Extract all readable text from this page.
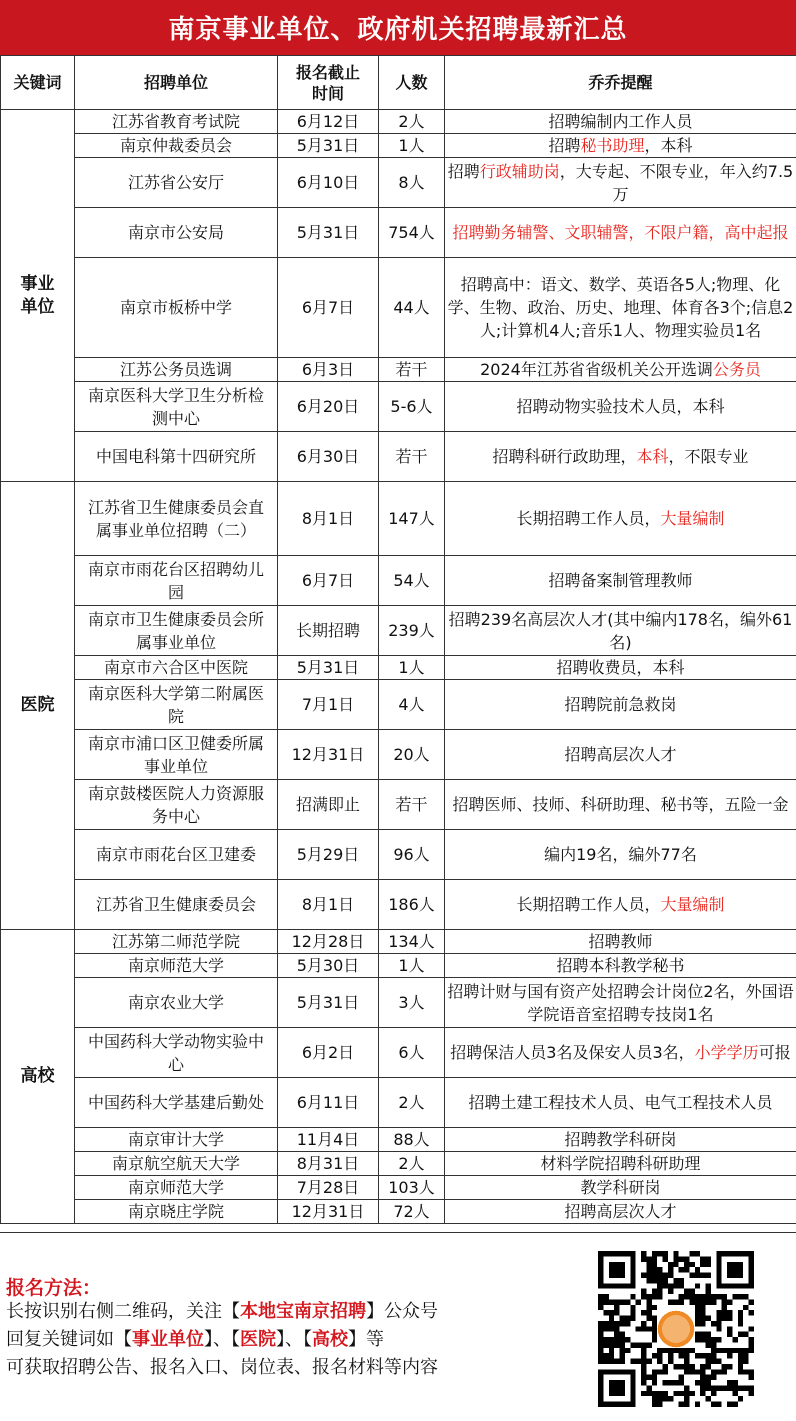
南京事业单位、政府机关招聘最新汇总
关键词	招聘单位	报名截止时间	人数	乔乔提醒
事业单位	江苏省教育考试院	6月12日	2人	招聘编制内工作人员
	南京仲裁委员会	5月31日	1人	招聘秘书助理，本科
	江苏省公安厅	6月10日	8人	招聘行政辅助岗，大专起、不限专业，年入约7.5万
	南京市公安局	5月31日	754人	招聘勤务辅警、文职辅警，不限户籍，高中起报
	南京市板桥中学	6月7日	44人	招聘高中：语文、数学、英语各5人;物理、化学、生物、政治、历史、地理、体育各3个;信息2人;计算机4人;音乐1人、物理实验员1名
	江苏公务员选调	6月3日	若干	2024年江苏省省级机关公开选调公务员
	南京医科大学卫生分析检测中心	6月20日	5-6人	招聘动物实验技术人员，本科
	中国电科第十四研究所	6月30日	若干	招聘科研行政助理，本科，不限专业
医院	江苏省卫生健康委员会直属事业单位招聘（二）	8月1日	147人	长期招聘工作人员，大量编制
	南京市雨花台区招聘幼儿园	6月7日	54人	招聘备案制管理教师
	南京市卫生健康委员会所属事业单位	长期招聘	239人	招聘239名高层次人才(其中编内178名，编外61名)
	南京市六合区中医院	5月31日	1人	招聘收费员，本科
	南京医科大学第二附属医院	7月1日	4人	招聘院前急救岗
	南京市浦口区卫健委所属事业单位	12月31日	20人	招聘高层次人才
	南京鼓楼医院人力资源服务中心	招满即止	若干	招聘医师、技师、科研助理、秘书等，五险一金
	南京市雨花台区卫建委	5月29日	96人	编内19名，编外77名
	江苏省卫生健康委员会	8月1日	186人	长期招聘工作人员，大量编制
高校	江苏第二师范学院	12月28日	134人	招聘教师
	南京师范大学	5月30日	1人	招聘本科教学秘书
	南京农业大学	5月31日	3人	招聘计财与国有资产处招聘会计岗位2名，外国语学院语音室招聘专技岗1名
	中国药科大学动物实验中心	6月2日	6人	招聘保洁人员3名及保安人员3名，小学学历可报
	中国药科大学基建后勤处	6月11日	2人	招聘土建工程技术人员、电气工程技术人员
	南京审计大学	11月4日	88人	招聘教学科研岗
	南京航空航天大学	8月31日	2人	材料学院招聘科研助理
	南京师范大学	7月28日	103人	教学科研岗
	南京晓庄学院	12月31日	72人	招聘高层次人才
报名方法：
长按识别右侧二维码，关注【本地宝南京招聘】公众号
回复关键词如【事业单位】、【医院】、【高校】等
可获取招聘公告、报名入口、岗位表、报名材料等内容
